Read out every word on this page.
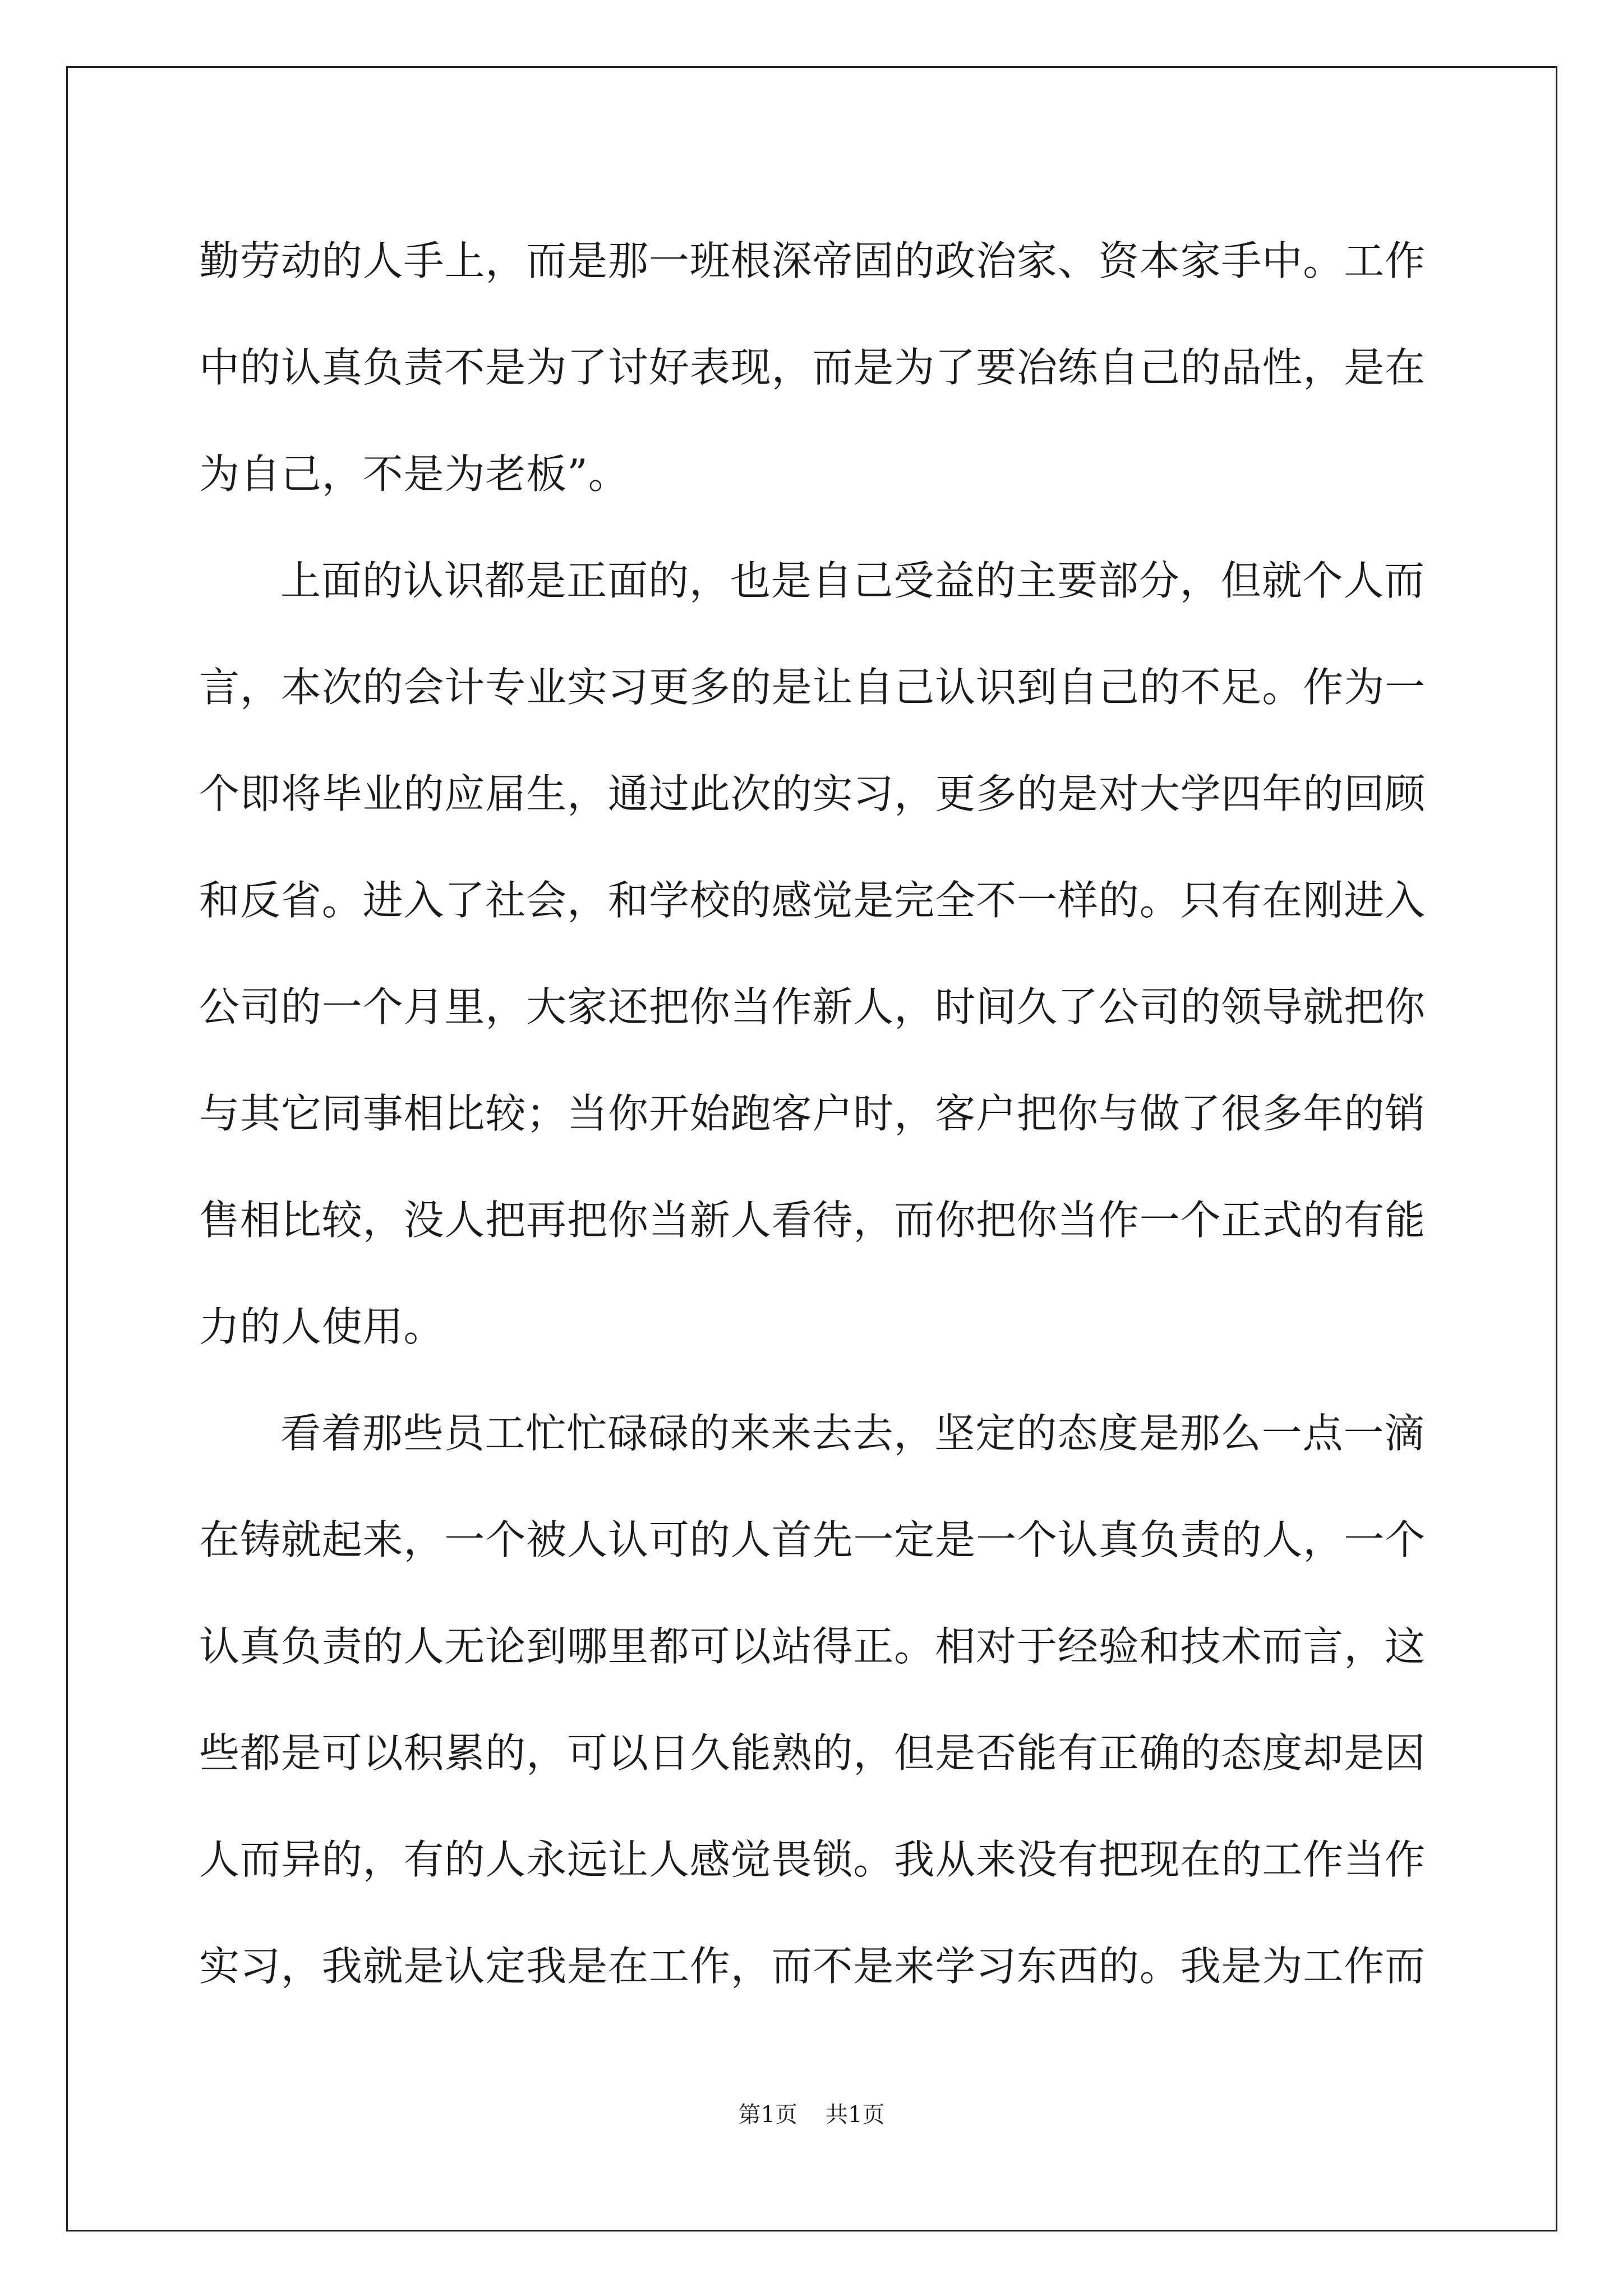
勤劳动的人手上，而是那一班根深帝固的政治家、资本家手中。工作
中的认真负责不是为了讨好表现，而是为了要冶练自己的品性，是在
为自己，不是为老板”。
上面的认识都是正面的，也是自己受益的主要部分，但就个人而
言，本次的会计专业实习更多的是让自己认识到自己的不足。作为一
个即将毕业的应届生，通过此次的实习，更多的是对大学四年的回顾
和反省。进入了社会，和学校的感觉是完全不一样的。只有在刚进入
公司的一个月里，大家还把你当作新人，时间久了公司的领导就把你
与其它同事相比较；当你开始跑客户时，客户把你与做了很多年的销
售相比较，没人把再把你当新人看待，而你把你当作一个正式的有能
力的人使用。
看着那些员工忙忙碌碌的来来去去，坚定的态度是那么一点一滴
在铸就起来，一个被人认可的人首先一定是一个认真负责的人，一个
认真负责的人无论到哪里都可以站得正。相对于经验和技术而言，这
些都是可以积累的，可以日久能熟的，但是否能有正确的态度却是因
人而异的，有的人永远让人感觉畏锁。我从来没有把现在的工作当作
实习，我就是认定我是在工作，而不是来学习东西的。我是为工作而
第1页 共1页
